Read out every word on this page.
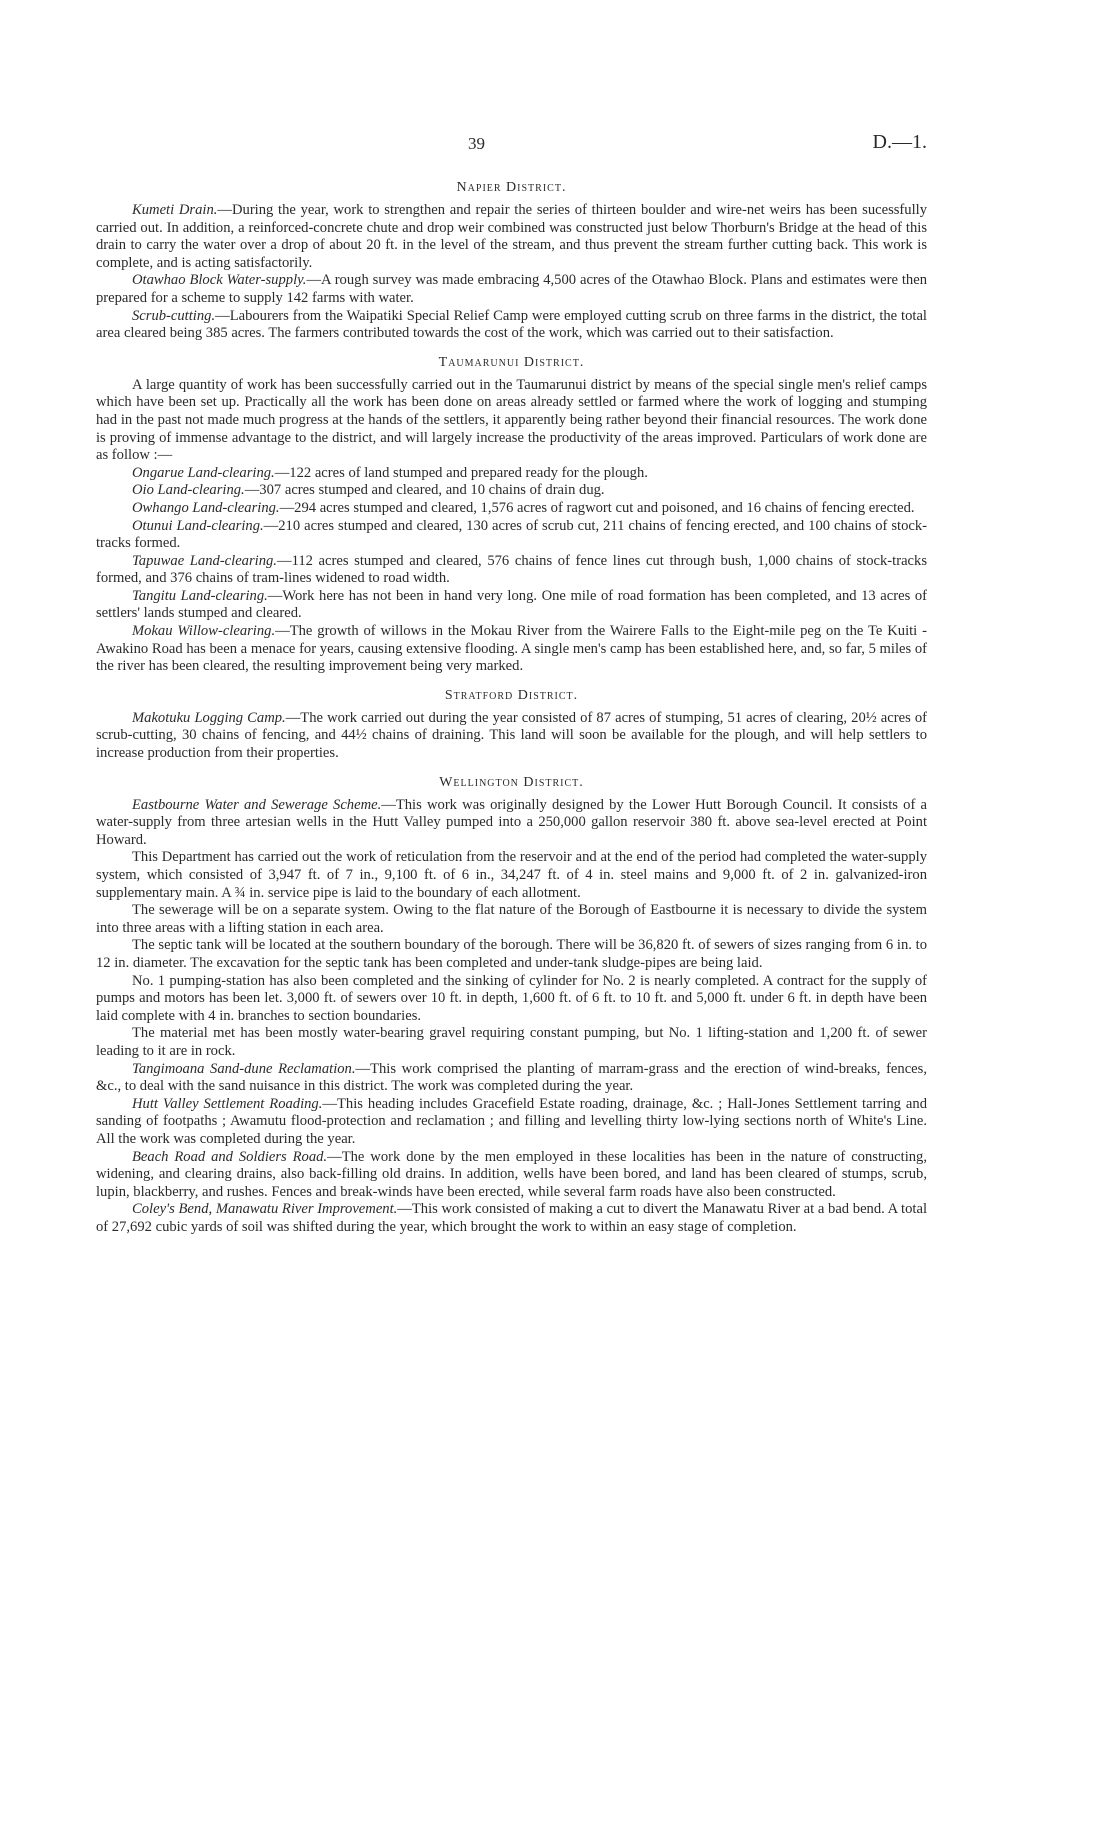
39	D.—1.
Napier District.

Kumeti Drain.—During the year, work to strengthen and repair the series of thirteen boulder and wire-net weirs has been sucessfully carried out. In addition, a reinforced-concrete chute and drop weir combined was constructed just below Thorburn's Bridge at the head of this drain to carry the water over a drop of about 20 ft. in the level of the stream, and thus prevent the stream further cutting back. This work is complete, and is acting satisfactorily.

Otawhao Block Water-supply.—A rough survey was made embracing 4,500 acres of the Otawhao Block. Plans and estimates were then prepared for a scheme to supply 142 farms with water.

Scrub-cutting.—Labourers from the Waipatiki Special Relief Camp were employed cutting scrub on three farms in the district, the total area cleared being 385 acres. The farmers contributed towards the cost of the work, which was carried out to their satisfaction.

Taumarunui District.

A large quantity of work has been successfully carried out in the Taumarunui district by means of the special single men's relief camps which have been set up. Practically all the work has been done on areas already settled or farmed where the work of logging and stumping had in the past not made much progress at the hands of the settlers, it apparently being rather beyond their financial resources. The work done is proving of immense advantage to the district, and will largely increase the productivity of the areas improved. Particulars of work done are as follow :—

Ongarue Land-clearing.—122 acres of land stumped and prepared ready for the plough.

Oio Land-clearing.—307 acres stumped and cleared, and 10 chains of drain dug.

Owhango Land-clearing.—294 acres stumped and cleared, 1,576 acres of ragwort cut and poisoned, and 16 chains of fencing erected.

Otunui Land-clearing.—210 acres stumped and cleared, 130 acres of scrub cut, 211 chains of fencing erected, and 100 chains of stock-tracks formed.

Tapuwae Land-clearing.—112 acres stumped and cleared, 576 chains of fence lines cut through bush, 1,000 chains of stock-tracks formed, and 376 chains of tram-lines widened to road width.

Tangitu Land-clearing.—Work here has not been in hand very long. One mile of road formation has been completed, and 13 acres of settlers' lands stumped and cleared.

Mokau Willow-clearing.—The growth of willows in the Mokau River from the Wairere Falls to the Eight-mile peg on the Te Kuiti - Awakino Road has been a menace for years, causing extensive flooding. A single men's camp has been established here, and, so far, 5 miles of the river has been cleared, the resulting improvement being very marked.

Stratford District.

Makotuku Logging Camp.—The work carried out during the year consisted of 87 acres of stumping, 51 acres of clearing, 20½ acres of scrub-cutting, 30 chains of fencing, and 44½ chains of draining. This land will soon be available for the plough, and will help settlers to increase production from their properties.

Wellington District.

Eastbourne Water and Sewerage Scheme.—This work was originally designed by the Lower Hutt Borough Council. It consists of a water-supply from three artesian wells in the Hutt Valley pumped into a 250,000 gallon reservoir 380 ft. above sea-level erected at Point Howard.

This Department has carried out the work of reticulation from the reservoir and at the end of the period had completed the water-supply system, which consisted of 3,947 ft. of 7 in., 9,100 ft. of 6 in., 34,247 ft. of 4 in. steel mains and 9,000 ft. of 2 in. galvanized-iron supplementary main. A ¾ in. service pipe is laid to the boundary of each allotment.

The sewerage will be on a separate system. Owing to the flat nature of the Borough of Eastbourne it is necessary to divide the system into three areas with a lifting station in each area.

The septic tank will be located at the southern boundary of the borough. There will be 36,820 ft. of sewers of sizes ranging from 6 in. to 12 in. diameter. The excavation for the septic tank has been completed and under-tank sludge-pipes are being laid.

No. 1 pumping-station has also been completed and the sinking of cylinder for No. 2 is nearly completed. A contract for the supply of pumps and motors has been let. 3,000 ft. of sewers over 10 ft. in depth, 1,600 ft. of 6 ft. to 10 ft. and 5,000 ft. under 6 ft. in depth have been laid complete with 4 in. branches to section boundaries.

The material met has been mostly water-bearing gravel requiring constant pumping, but No. 1 lifting-station and 1,200 ft. of sewer leading to it are in rock.

Tangimoana Sand-dune Reclamation.—This work comprised the planting of marram-grass and the erection of wind-breaks, fences, &c., to deal with the sand nuisance in this district. The work was completed during the year.

Hutt Valley Settlement Roading.—This heading includes Gracefield Estate roading, drainage, &c. ; Hall-Jones Settlement tarring and sanding of footpaths ; Awamutu flood-protection and reclamation ; and filling and levelling thirty low-lying sections north of White's Line. All the work was completed during the year.

Beach Road and Soldiers Road.—The work done by the men employed in these localities has been in the nature of constructing, widening, and clearing drains, also back-filling old drains. In addition, wells have been bored, and land has been cleared of stumps, scrub, lupin, blackberry, and rushes. Fences and break-winds have been erected, while several farm roads have also been constructed.

Coley's Bend, Manawatu River Improvement.—This work consisted of making a cut to divert the Manawatu River at a bad bend. A total of 27,692 cubic yards of soil was shifted during the year, which brought the work to within an easy stage of completion.
